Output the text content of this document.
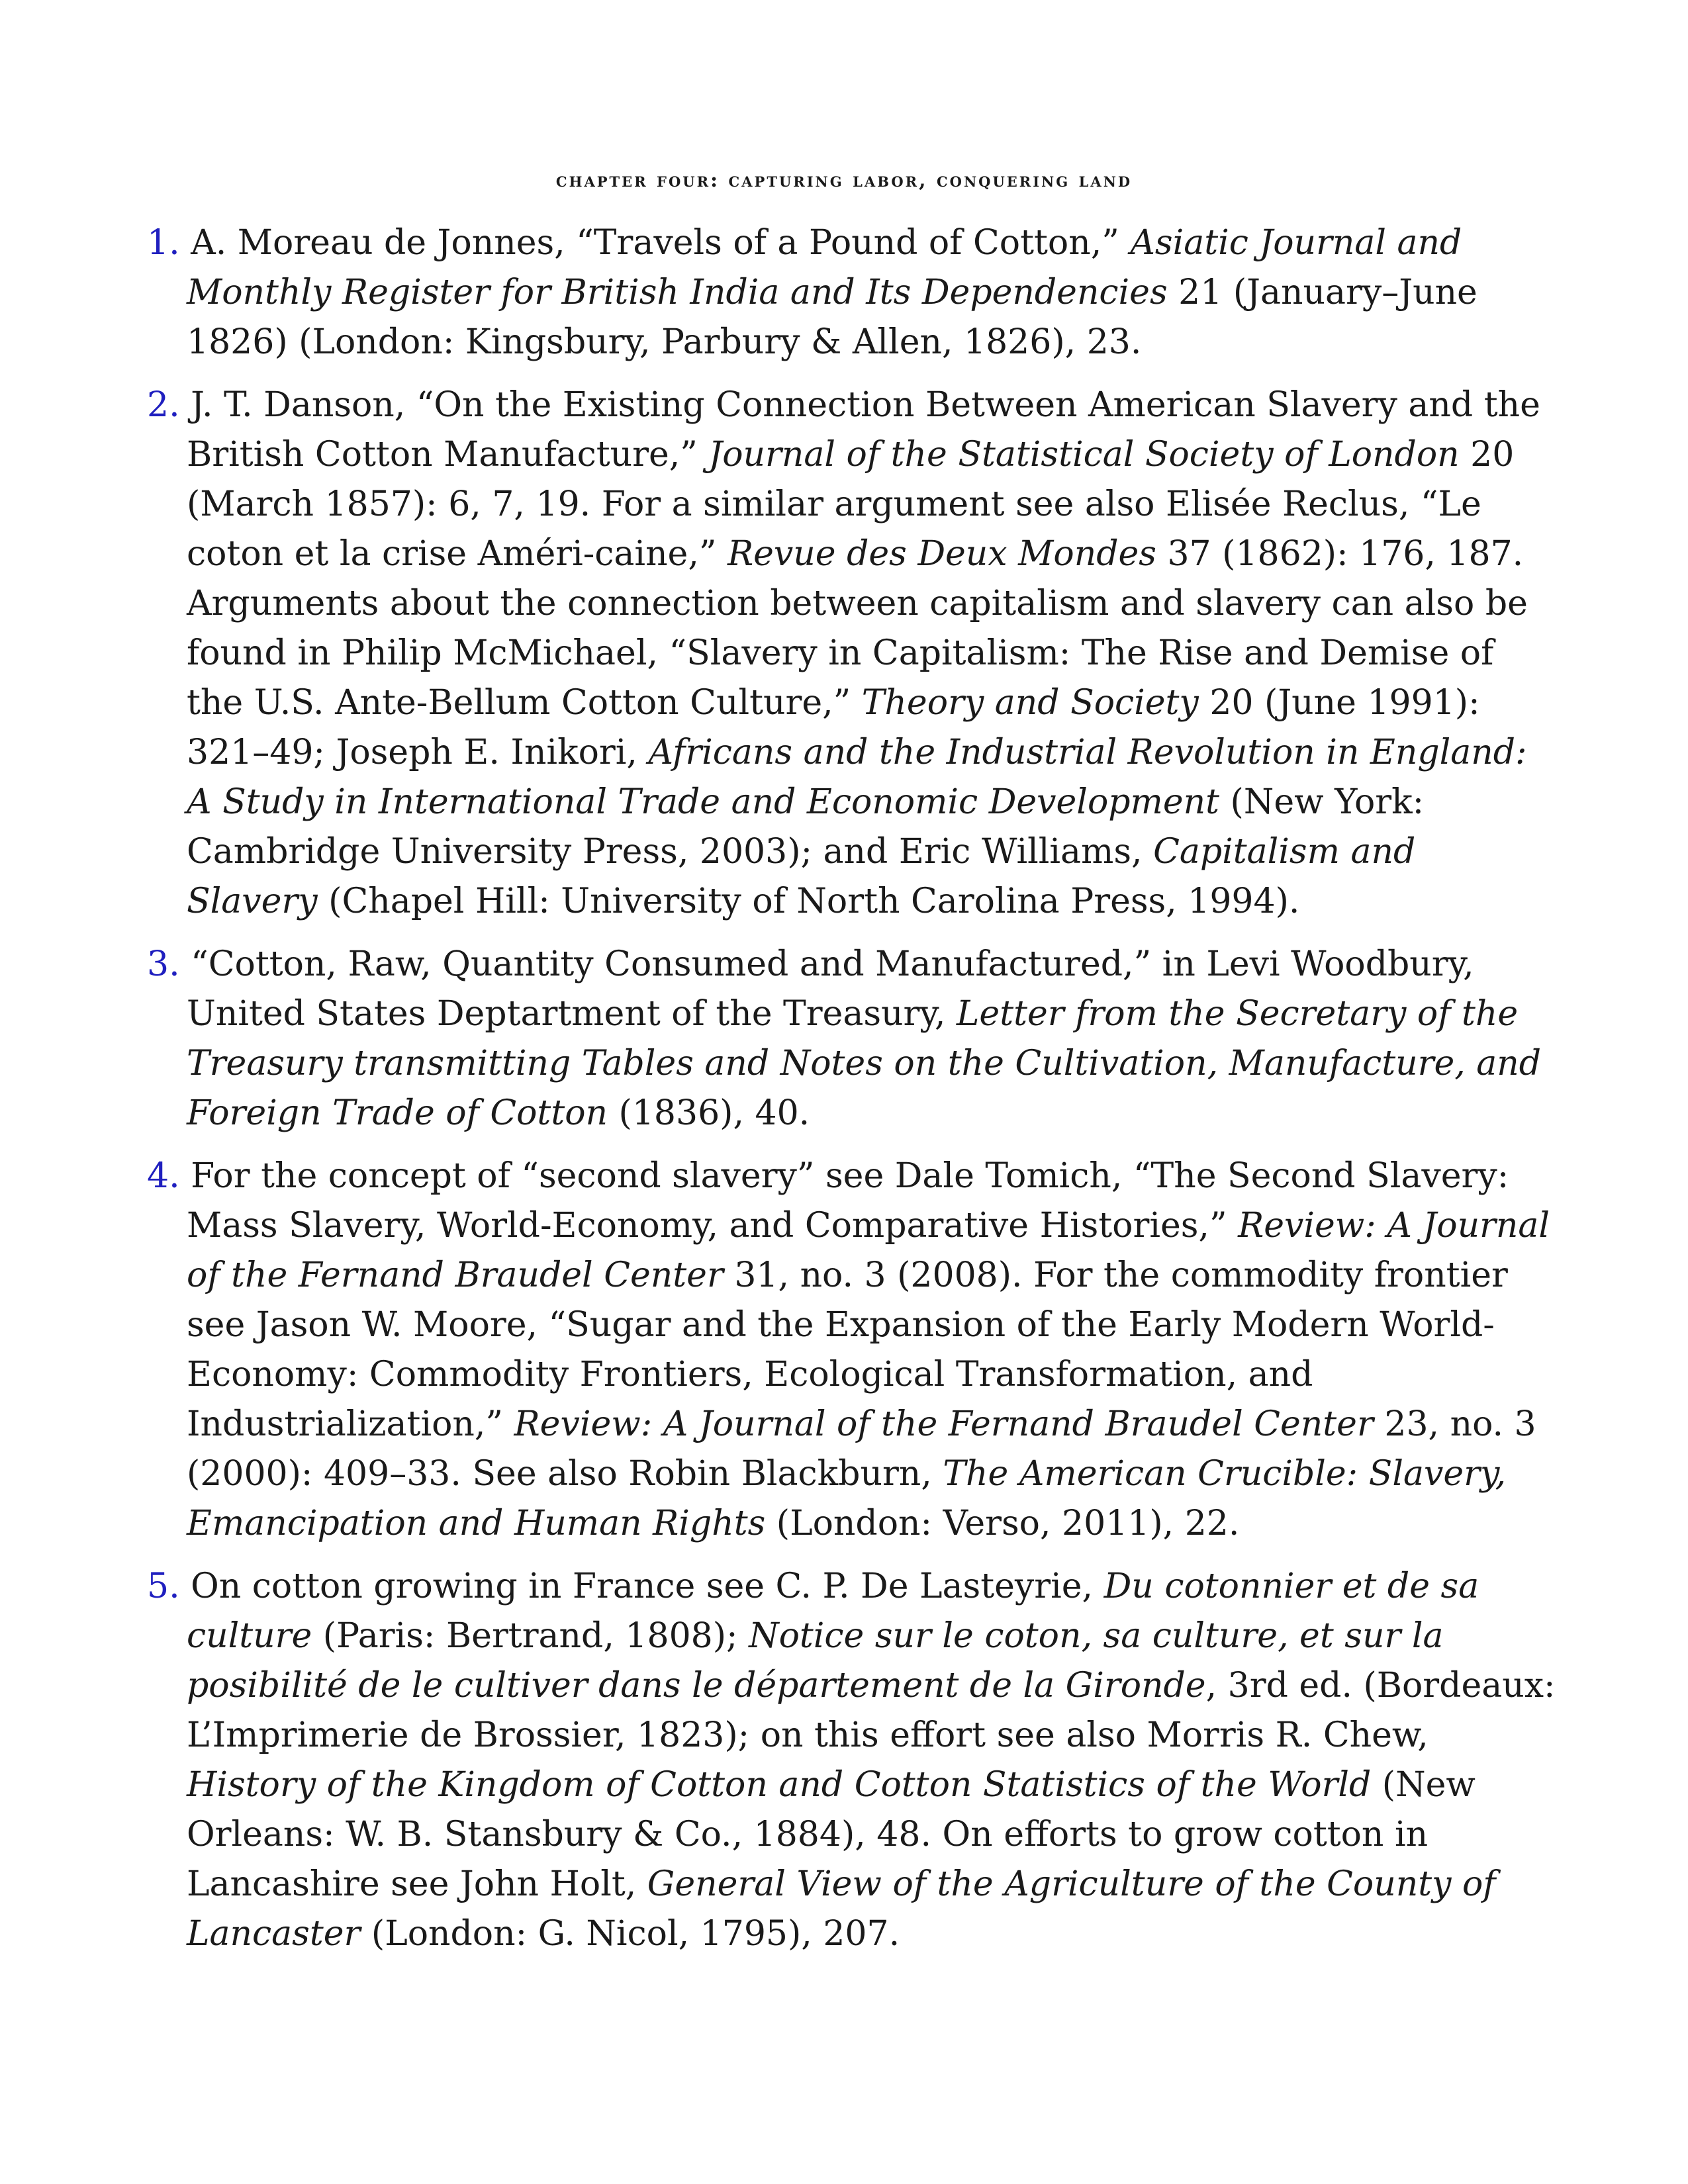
chapter four: capturing labor, conquering land
1. A. Moreau de Jonnes, “Travels of a Pound of Cotton,” Asiatic Journal and Monthly Register for British India and Its Dependencies 21 (January–June 1826) (London: Kingsbury, Parbury & Allen, 1826), 23.
2. J. T. Danson, “On the Existing Connection Between American Slavery and the British Cotton Manufacture,” Journal of the Statistical Society of London 20 (March 1857): 6, 7, 19. For a similar argument see also Elisée Reclus, “Le coton et la crise Améri-caine,” Revue des Deux Mondes 37 (1862): 176, 187. Arguments about the connection between capitalism and slavery can also be found in Philip McMichael, “Slavery in Capitalism: The Rise and Demise of the U.S. Ante-Bellum Cotton Culture,” Theory and Society 20 (June 1991): 321–49; Joseph E. Inikori, Africans and the Industrial Revolution in England: A Study in International Trade and Economic Development (New York: Cambridge University Press, 2003); and Eric Williams, Capitalism and Slavery (Chapel Hill: University of North Carolina Press, 1994).
3. “Cotton, Raw, Quantity Consumed and Manufactured,” in Levi Woodbury, United States Deptartment of the Treasury, Letter from the Secretary of the Treasury transmitting Tables and Notes on the Cultivation, Manufacture, and Foreign Trade of Cotton (1836), 40.
4. For the concept of “second slavery” see Dale Tomich, “The Second Slavery: Mass Slavery, World-Economy, and Comparative Histories,” Review: A Journal of the Fernand Braudel Center 31, no. 3 (2008). For the commodity frontier see Jason W. Moore, “Sugar and the Expansion of the Early Modern World-Economy: Commodity Frontiers, Ecological Transformation, and Industrialization,” Review: A Journal of the Fernand Braudel Center 23, no. 3 (2000): 409–33. See also Robin Blackburn, The American Crucible: Slavery, Emancipation and Human Rights (London: Verso, 2011), 22.
5. On cotton growing in France see C. P. De Lasteyrie, Du cotonnier et de sa culture (Paris: Bertrand, 1808); Notice sur le coton, sa culture, et sur la posibilité de le cultiver dans le département de la Gironde, 3rd ed. (Bordeaux: L’Imprimerie de Brossier, 1823); on this effort see also Morris R. Chew, History of the Kingdom of Cotton and Cotton Statistics of the World (New Orleans: W. B. Stansbury & Co., 1884), 48. On efforts to grow cotton in Lancashire see John Holt, General View of the Agriculture of the County of Lancaster (London: G. Nicol, 1795), 207.
